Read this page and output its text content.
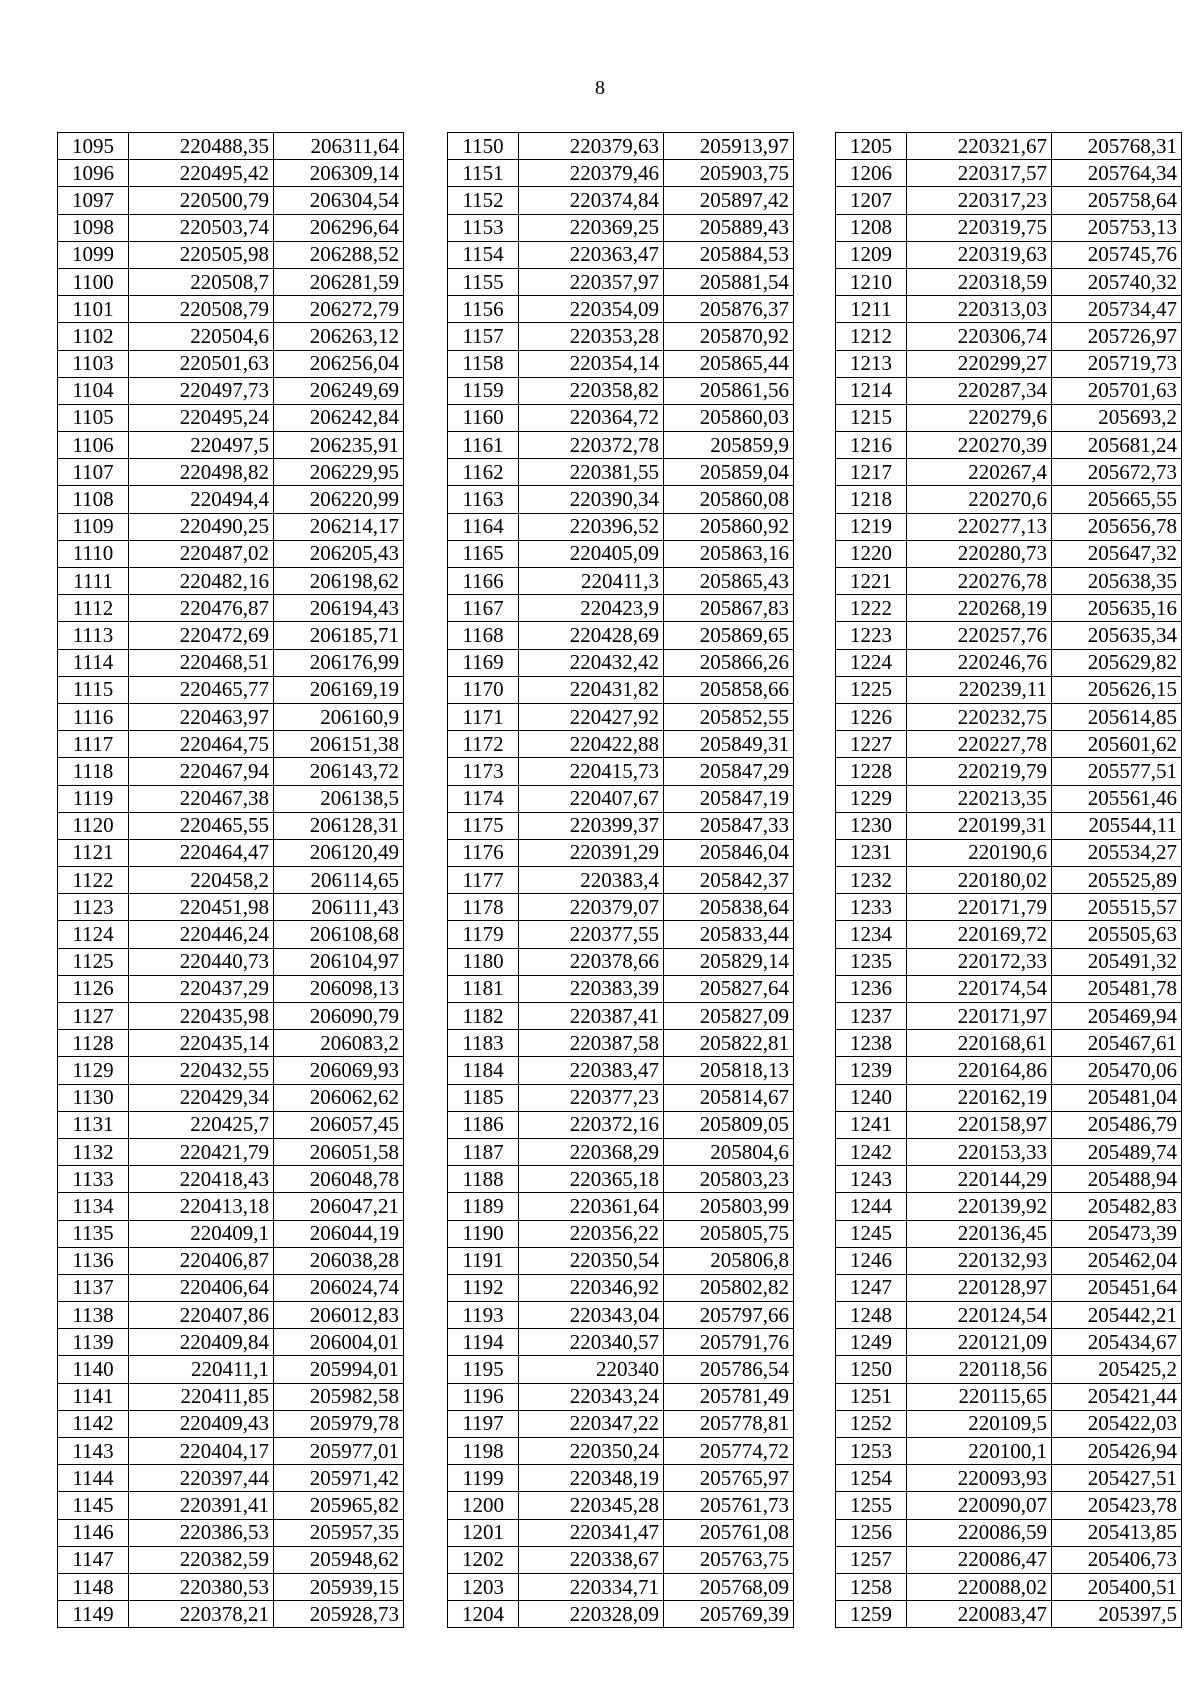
8
1095	220488,35	206311,64
1096	220495,42	206309,14
1097	220500,79	206304,54
1098	220503,74	206296,64
1099	220505,98	206288,52
1100	220508,7	206281,59
1101	220508,79	206272,79
1102	220504,6	206263,12
1103	220501,63	206256,04
1104	220497,73	206249,69
1105	220495,24	206242,84
1106	220497,5	206235,91
1107	220498,82	206229,95
1108	220494,4	206220,99
1109	220490,25	206214,17
1110	220487,02	206205,43
1111	220482,16	206198,62
1112	220476,87	206194,43
1113	220472,69	206185,71
1114	220468,51	206176,99
1115	220465,77	206169,19
1116	220463,97	206160,9
1117	220464,75	206151,38
1118	220467,94	206143,72
1119	220467,38	206138,5
1120	220465,55	206128,31
1121	220464,47	206120,49
1122	220458,2	206114,65
1123	220451,98	206111,43
1124	220446,24	206108,68
1125	220440,73	206104,97
1126	220437,29	206098,13
1127	220435,98	206090,79
1128	220435,14	206083,2
1129	220432,55	206069,93
1130	220429,34	206062,62
1131	220425,7	206057,45
1132	220421,79	206051,58
1133	220418,43	206048,78
1134	220413,18	206047,21
1135	220409,1	206044,19
1136	220406,87	206038,28
1137	220406,64	206024,74
1138	220407,86	206012,83
1139	220409,84	206004,01
1140	220411,1	205994,01
1141	220411,85	205982,58
1142	220409,43	205979,78
1143	220404,17	205977,01
1144	220397,44	205971,42
1145	220391,41	205965,82
1146	220386,53	205957,35
1147	220382,59	205948,62
1148	220380,53	205939,15
1149	220378,21	205928,73
1150	220379,63	205913,97
1151	220379,46	205903,75
1152	220374,84	205897,42
1153	220369,25	205889,43
1154	220363,47	205884,53
1155	220357,97	205881,54
1156	220354,09	205876,37
1157	220353,28	205870,92
1158	220354,14	205865,44
1159	220358,82	205861,56
1160	220364,72	205860,03
1161	220372,78	205859,9
1162	220381,55	205859,04
1163	220390,34	205860,08
1164	220396,52	205860,92
1165	220405,09	205863,16
1166	220411,3	205865,43
1167	220423,9	205867,83
1168	220428,69	205869,65
1169	220432,42	205866,26
1170	220431,82	205858,66
1171	220427,92	205852,55
1172	220422,88	205849,31
1173	220415,73	205847,29
1174	220407,67	205847,19
1175	220399,37	205847,33
1176	220391,29	205846,04
1177	220383,4	205842,37
1178	220379,07	205838,64
1179	220377,55	205833,44
1180	220378,66	205829,14
1181	220383,39	205827,64
1182	220387,41	205827,09
1183	220387,58	205822,81
1184	220383,47	205818,13
1185	220377,23	205814,67
1186	220372,16	205809,05
1187	220368,29	205804,6
1188	220365,18	205803,23
1189	220361,64	205803,99
1190	220356,22	205805,75
1191	220350,54	205806,8
1192	220346,92	205802,82
1193	220343,04	205797,66
1194	220340,57	205791,76
1195	220340	205786,54
1196	220343,24	205781,49
1197	220347,22	205778,81
1198	220350,24	205774,72
1199	220348,19	205765,97
1200	220345,28	205761,73
1201	220341,47	205761,08
1202	220338,67	205763,75
1203	220334,71	205768,09
1204	220328,09	205769,39
1205	220321,67	205768,31
1206	220317,57	205764,34
1207	220317,23	205758,64
1208	220319,75	205753,13
1209	220319,63	205745,76
1210	220318,59	205740,32
1211	220313,03	205734,47
1212	220306,74	205726,97
1213	220299,27	205719,73
1214	220287,34	205701,63
1215	220279,6	205693,2
1216	220270,39	205681,24
1217	220267,4	205672,73
1218	220270,6	205665,55
1219	220277,13	205656,78
1220	220280,73	205647,32
1221	220276,78	205638,35
1222	220268,19	205635,16
1223	220257,76	205635,34
1224	220246,76	205629,82
1225	220239,11	205626,15
1226	220232,75	205614,85
1227	220227,78	205601,62
1228	220219,79	205577,51
1229	220213,35	205561,46
1230	220199,31	205544,11
1231	220190,6	205534,27
1232	220180,02	205525,89
1233	220171,79	205515,57
1234	220169,72	205505,63
1235	220172,33	205491,32
1236	220174,54	205481,78
1237	220171,97	205469,94
1238	220168,61	205467,61
1239	220164,86	205470,06
1240	220162,19	205481,04
1241	220158,97	205486,79
1242	220153,33	205489,74
1243	220144,29	205488,94
1244	220139,92	205482,83
1245	220136,45	205473,39
1246	220132,93	205462,04
1247	220128,97	205451,64
1248	220124,54	205442,21
1249	220121,09	205434,67
1250	220118,56	205425,2
1251	220115,65	205421,44
1252	220109,5	205422,03
1253	220100,1	205426,94
1254	220093,93	205427,51
1255	220090,07	205423,78
1256	220086,59	205413,85
1257	220086,47	205406,73
1258	220088,02	205400,51
1259	220083,47	205397,5
